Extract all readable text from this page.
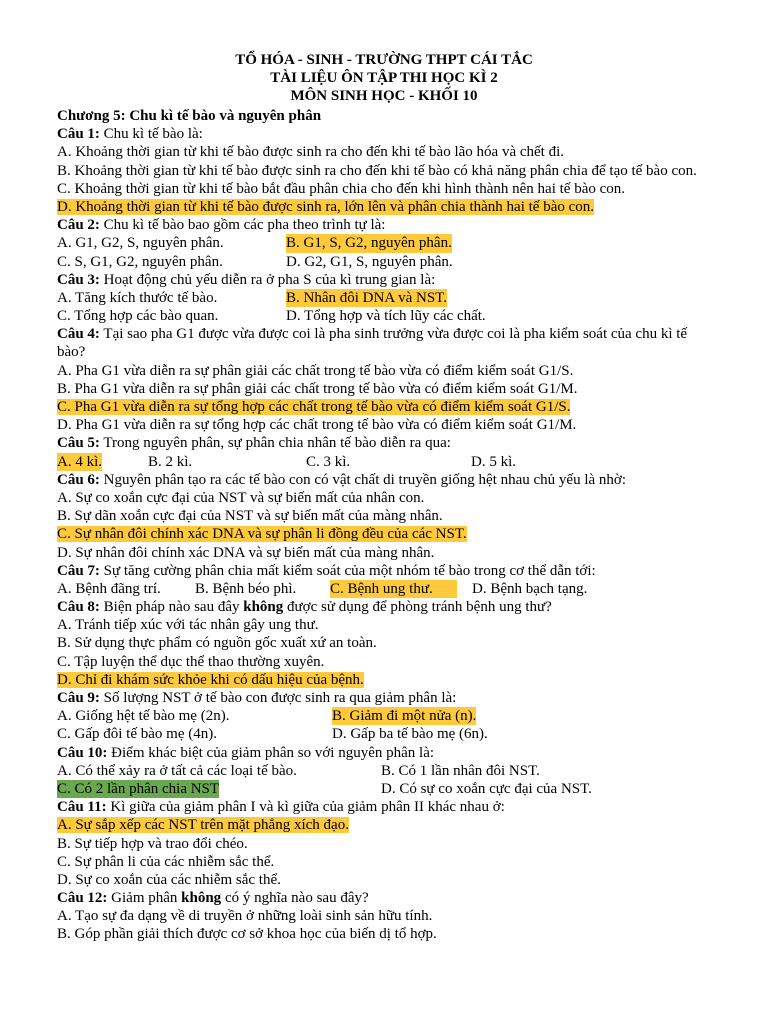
TỔ HÓA - SINH - TRƯỜNG THPT CÁI TẮC
TÀI LIỆU ÔN TẬP THI HỌC KÌ 2
MÔN SINH HỌC - KHỐI 10
Chương 5: Chu kì tế bào và nguyên phân
Câu 1: Chu kì tế bào là:
A. Khoảng thời gian từ khi tế bào được sinh ra cho đến khi tế bào lão hóa và chết đi.
B. Khoảng thời gian từ khi tế bào được sinh ra cho đến khi tế bào có khả năng phân chia để tạo tế bào con.
C. Khoảng thời gian từ khi tế bào bắt đầu phân chia cho đến khi hình thành nên hai tế bào con.
D. Khoảng thời gian từ khi tế bào được sinh ra, lớn lên và phân chia thành hai tế bào con.
Câu 2: Chu kì tế bào bao gồm các pha theo trình tự là:
A. G1, G2, S, nguyên phân.	B. G1, S, G2, nguyên phân.
C. S, G1, G2, nguyên phân.	D. G2, G1, S, nguyên phân.
Câu 3: Hoạt động chủ yếu diễn ra ở pha S của kì trung gian là:
A. Tăng kích thước tế bào.	B. Nhân đôi DNA và NST.
C. Tổng hợp các bào quan.	D. Tổng hợp và tích lũy các chất.
Câu 4: Tại sao pha G1 được vừa được coi là pha sinh trưởng vừa được coi là pha kiểm soát của chu kì tế bào?
A. Pha G1 vừa diễn ra sự phân giải các chất trong tế bào vừa có điểm kiểm soát G1/S.
B. Pha G1 vừa diễn ra sự phân giải các chất trong tế bào vừa có điểm kiểm soát G1/M.
C. Pha G1 vừa diễn ra sự tổng hợp các chất trong tế bào vừa có điểm kiểm soát G1/S.
D. Pha G1 vừa diễn ra sự tổng hợp các chất trong tế bào vừa có điểm kiểm soát G1/M.
Câu 5: Trong nguyên phân, sự phân chia nhân tế bào diễn ra qua:
A. 4 kì.	B. 2 kì.	C. 3 kì.	D. 5 kì.
Câu 6: Nguyên phân tạo ra các tế bào con có vật chất di truyền giống hệt nhau chủ yếu là nhờ:
A. Sự co xoắn cực đại của NST và sự biến mất của nhân con.
B. Sự dãn xoắn cực đại của NST và sự biến mất của màng nhân.
C. Sự nhân đôi chính xác DNA và sự phân li đồng đều của các NST.
D. Sự nhân đôi chính xác DNA và sự biến mất của màng nhân.
Câu 7: Sự tăng cường phân chia mất kiểm soát của một nhóm tế bào trong cơ thể dẫn tới:
A. Bệnh đãng trí. B. Bệnh béo phì. C. Bệnh ung thư.	D. Bệnh bạch tạng.
Câu 8: Biện pháp nào sau đây không được sử dụng để phòng tránh bệnh ung thư?
A. Tránh tiếp xúc với tác nhân gây ung thư.
B. Sử dụng thực phẩm có nguồn gốc xuất xứ an toàn.
C. Tập luyện thể dục thể thao thường xuyên.
D. Chỉ đi khám sức khỏe khi có dấu hiệu của bệnh.
Câu 9: Số lượng NST ở tế bào con được sinh ra qua giảm phân là:
A. Giống hệt tế bào mẹ (2n).	B. Giảm đi một nửa (n).
C. Gấp đôi tế bào mẹ (4n).	D. Gấp ba tế bào mẹ (6n).
Câu 10: Điểm khác biệt của giảm phân so với nguyên phân là:
A. Có thể xảy ra ở tất cả các loại tế bào.	B. Có 1 lần nhân đôi NST.
C. Có 2 lần phân chia NST	D. Có sự co xoắn cực đại của NST.
Câu 11: Kì giữa của giảm phân I và kì giữa của giảm phân II khác nhau ở:
A. Sự sắp xếp các NST trên mặt phẳng xích đạo.
B. Sự tiếp hợp và trao đổi chéo.
C. Sự phân li của các nhiễm sắc thể.
D. Sự co xoắn của các nhiễm sắc thể.
Câu 12: Giảm phân không có ý nghĩa nào sau đây?
A. Tạo sự đa dạng về di truyền ở những loài sinh sản hữu tính.
B. Góp phần giải thích được cơ sở khoa học của biến dị tổ hợp.
